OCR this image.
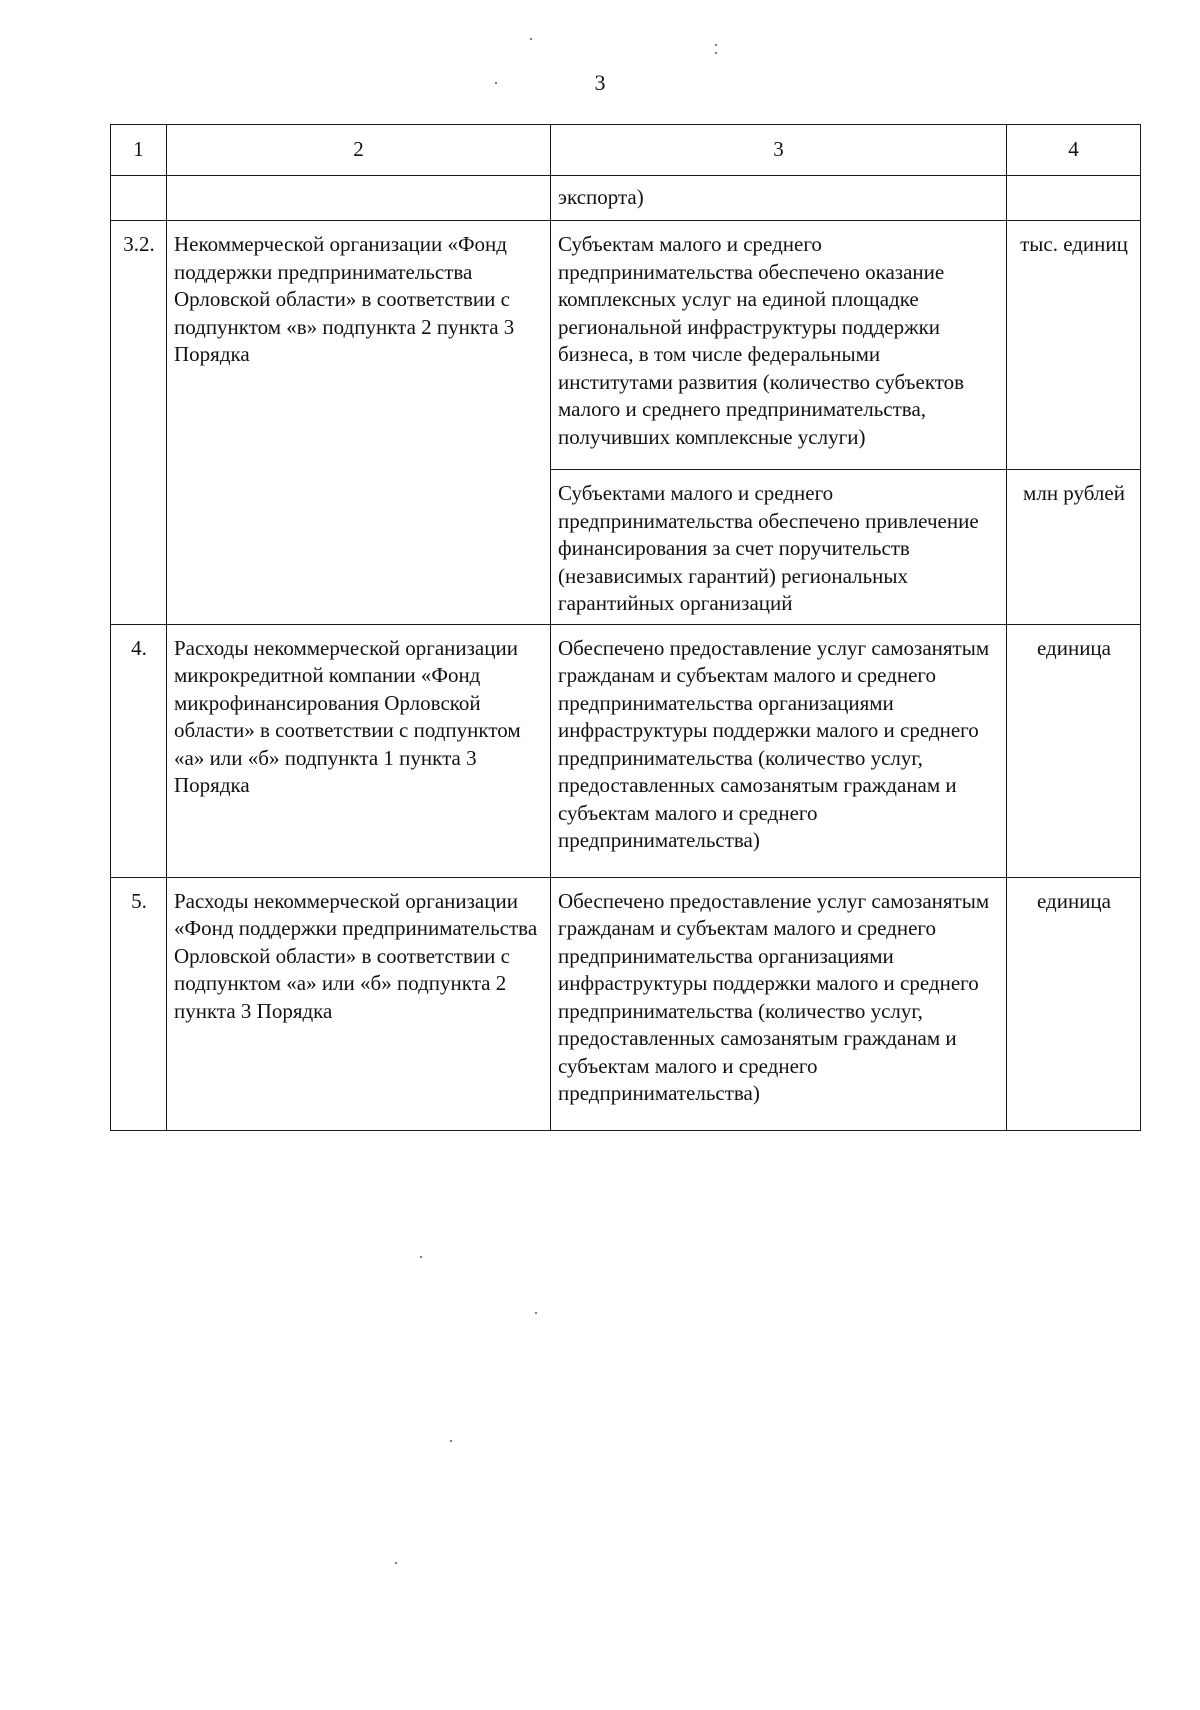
3
1	2	3	4
		экспорта)	
3.2.	Некоммерческой организации «Фонд поддержки предпринимательства Орловской области» в соответствии с подпунктом «в» подпункта 2 пункта 3 Порядка	Субъектам малого и среднего предпринимательства обеспечено оказание комплексных услуг на единой площадке региональной инфраструктуры поддержки бизнеса, в том числе федеральными институтами развития (количество субъектов малого и среднего предпринимательства, получивших комплексные услуги)	тыс. единиц
		Субъектами малого и среднего предпринимательства обеспечено привлечение финансирования за счет поручительств (независимых гарантий) региональных гарантийных организаций	млн рублей
4.	Расходы некоммерческой организации микрокредитной компании «Фонд микрофинансирования Орловской области» в соответствии с подпунктом «а» или «б» подпункта 1 пункта 3 Порядка	Обеспечено предоставление услуг самозанятым гражданам и субъектам малого и среднего предпринимательства организациями инфраструктуры поддержки малого и среднего предпринимательства (количество услуг, предоставленных самозанятым гражданам и субъектам малого и среднего предпринимательства)	единица
5.	Расходы некоммерческой организации «Фонд поддержки предпринимательства Орловской области» в соответствии с подпунктом «а» или «б» подпункта 2 пункта 3 Порядка	Обеспечено предоставление услуг самозанятым гражданам и субъектам малого и среднего предпринимательства организациями инфраструктуры поддержки малого и среднего предпринимательства (количество услуг, предоставленных самозанятым гражданам и субъектам малого и среднего предпринимательства)	единица
